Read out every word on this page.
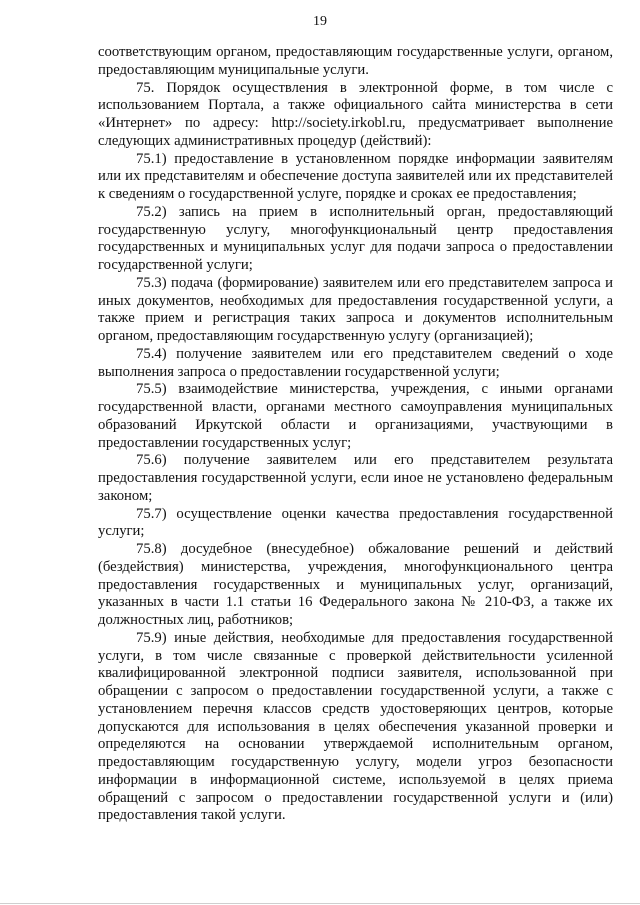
19

соответствующим органом, предоставляющим государственные услуги, органом, предоставляющим муниципальные услуги.

75. Порядок осуществления в электронной форме, в том числе с использованием Портала, а также официального сайта министерства в сети «Интернет» по адресу: http://society.irkobl.ru, предусматривает выполнение следующих административных процедур (действий):

75.1) предоставление в установленном порядке информации заявителям или их представителям и обеспечение доступа заявителей или их представителей к сведениям о государственной услуге, порядке и сроках ее предоставления;

75.2) запись на прием в исполнительный орган, предоставляющий государственную услугу, многофункциональный центр предоставления государственных и муниципальных услуг для подачи запроса о предоставлении государственной услуги;

75.3) подача (формирование) заявителем или его представителем запроса и иных документов, необходимых для предоставления государственной услуги, а также прием и регистрация таких запроса и документов исполнительным органом, предоставляющим государственную услугу (организацией);

75.4) получение заявителем или его представителем сведений о ходе выполнения запроса о предоставлении государственной услуги;

75.5) взаимодействие министерства, учреждения, с иными органами государственной власти, органами местного самоуправления муниципальных образований Иркутской области и организациями, участвующими в предоставлении государственных услуг;

75.6) получение заявителем или его представителем результата предоставления государственной услуги, если иное не установлено федеральным законом;

75.7) осуществление оценки качества предоставления государственной услуги;

75.8) досудебное (внесудебное) обжалование решений и действий (бездействия) министерства, учреждения, многофункционального центра предоставления государственных и муниципальных услуг, организаций, указанных в части 1.1 статьи 16 Федерального закона № 210-ФЗ, а также их должностных лиц, работников;

75.9) иные действия, необходимые для предоставления государственной услуги, в том числе связанные с проверкой действительности усиленной квалифицированной электронной подписи заявителя, использованной при обращении с запросом о предоставлении государственной услуги, а также с установлением перечня классов средств удостоверяющих центров, которые допускаются для использования в целях обеспечения указанной проверки и определяются на основании утверждаемой исполнительным органом, предоставляющим государственную услугу, модели угроз безопасности информации в информационной системе, используемой в целях приема обращений с запросом о предоставлении государственной услуги и (или) предоставления такой услуги.
